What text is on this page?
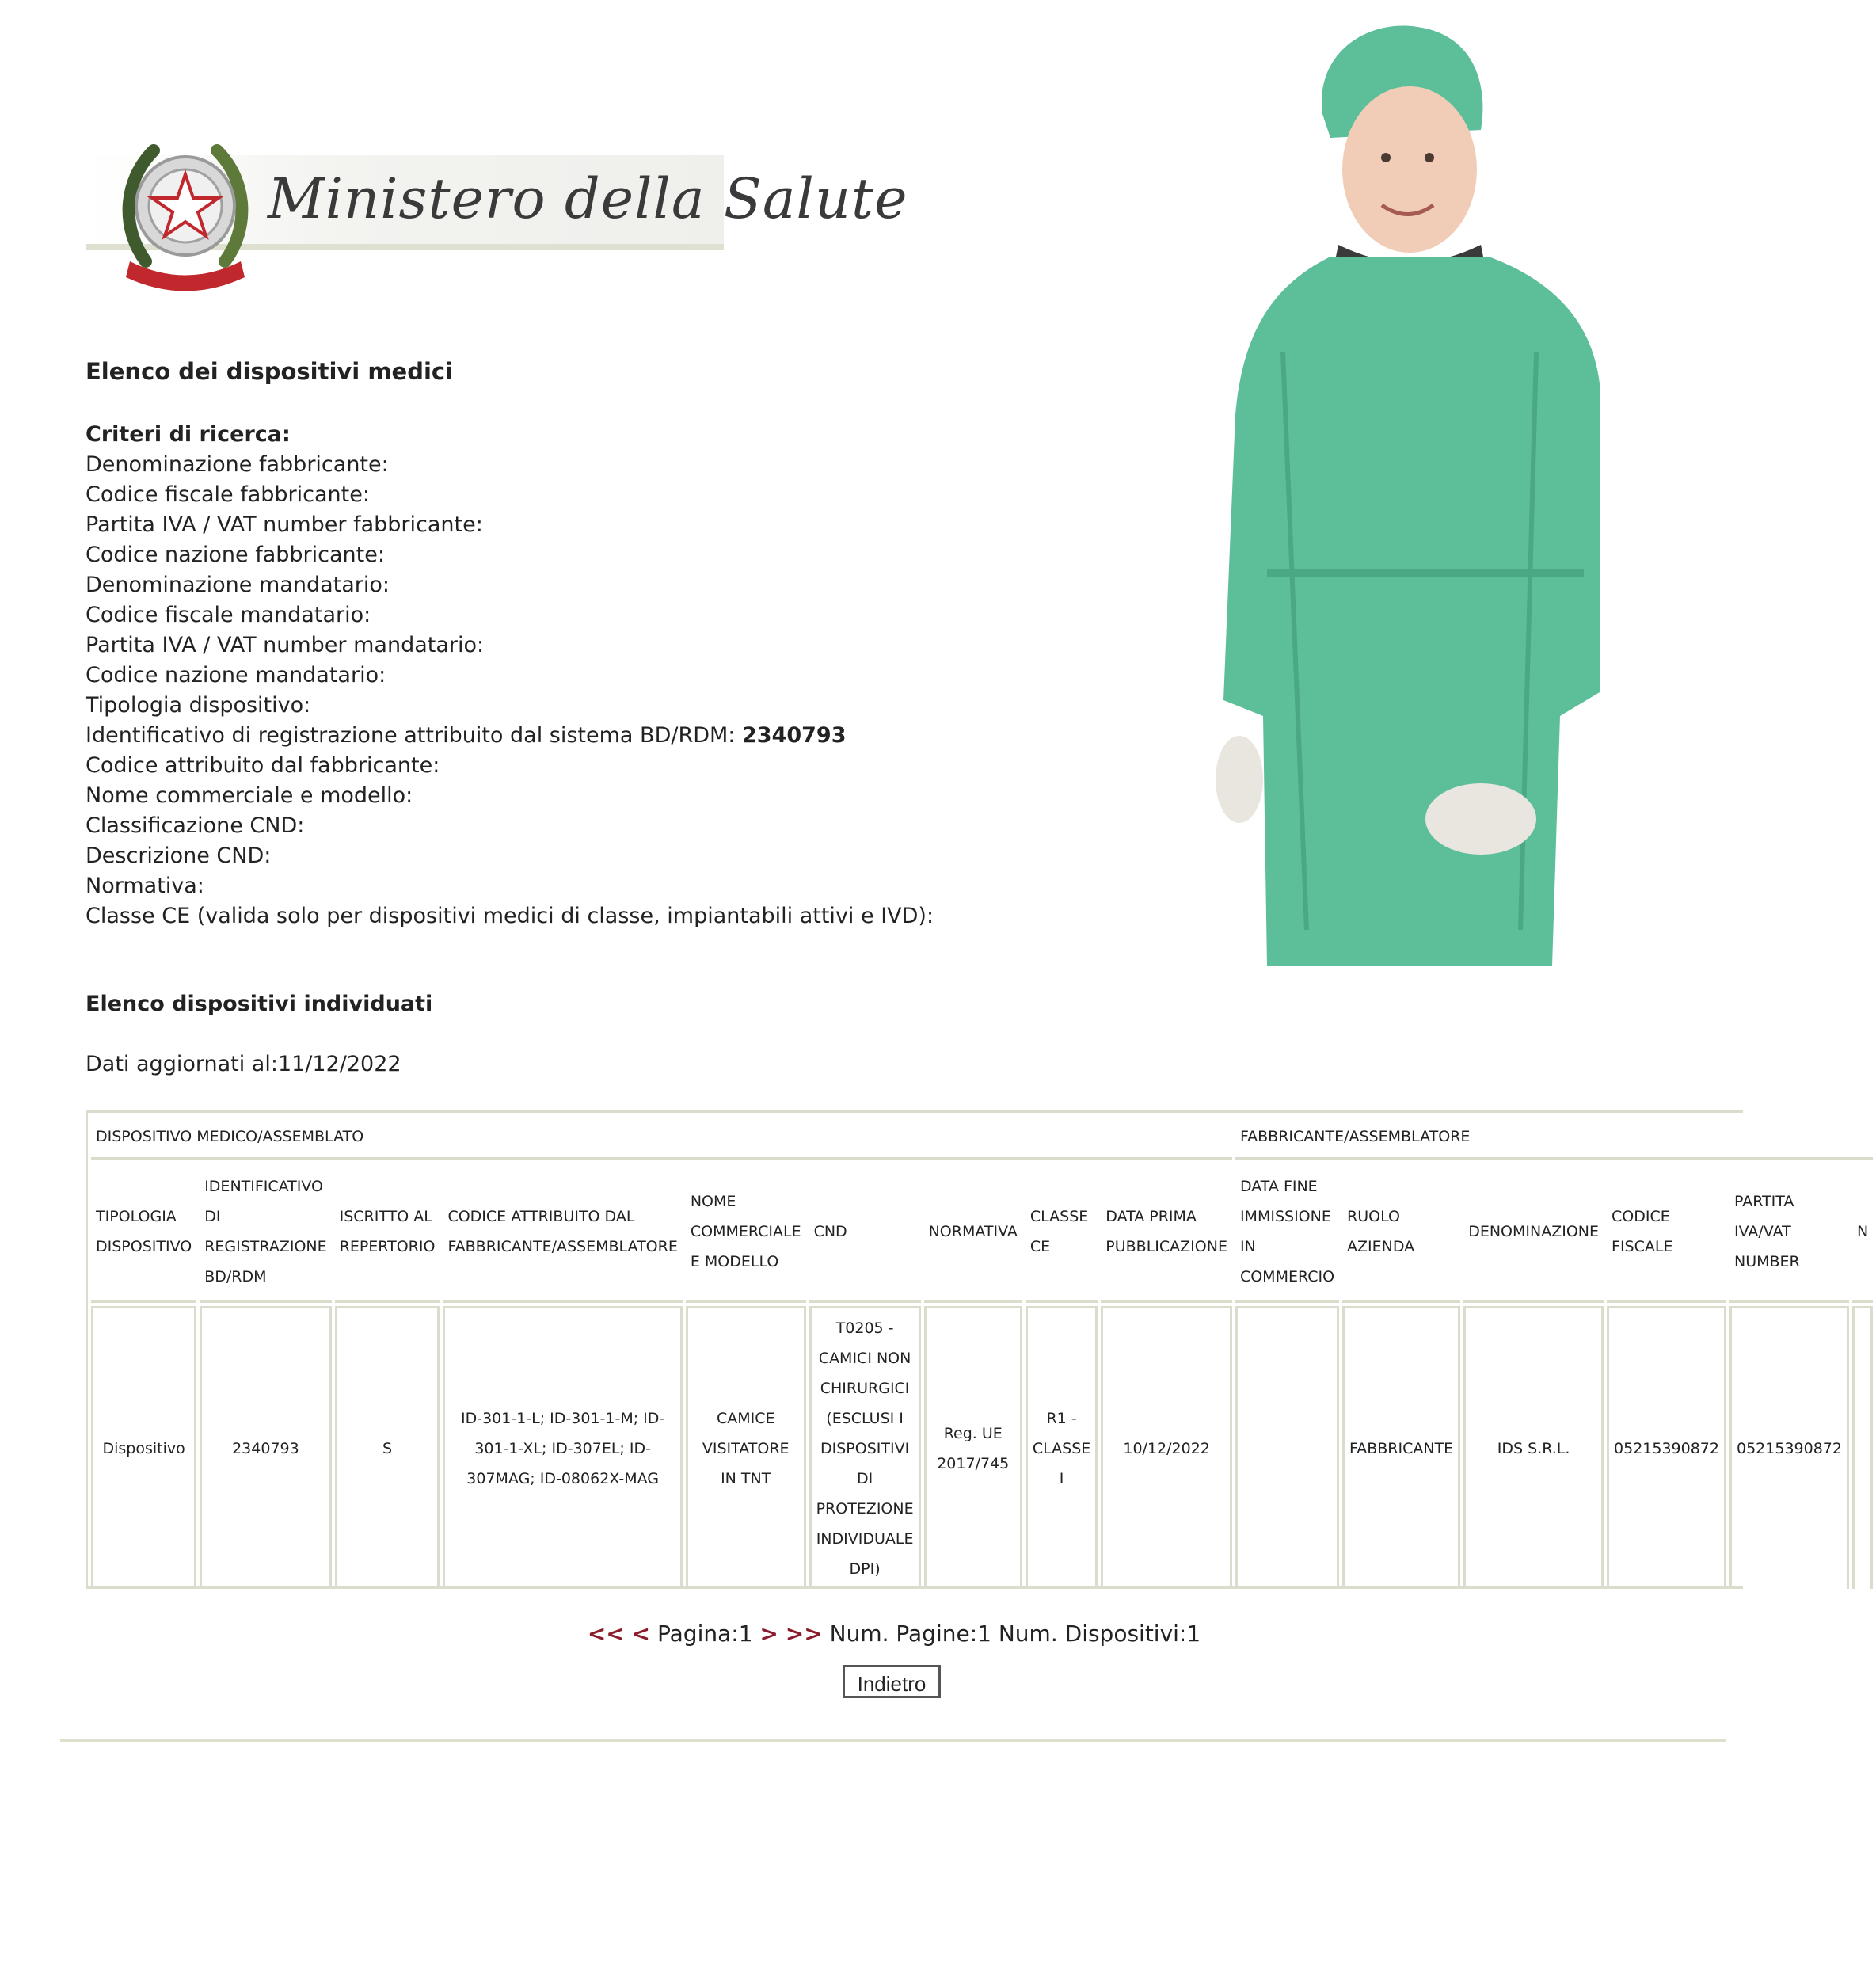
Ministero della Salute
Elenco dei dispositivi medici
Criteri di ricerca:
Denominazione fabbricante:
Codice fiscale fabbricante:
Partita IVA / VAT number fabbricante:
Codice nazione fabbricante:
Denominazione mandatario:
Codice fiscale mandatario:
Partita IVA / VAT number mandatario:
Codice nazione mandatario:
Tipologia dispositivo:
Identificativo di registrazione attribuito dal sistema BD/RDM: 2340793
Codice attribuito dal fabbricante:
Nome commerciale e modello:
Classificazione CND:
Descrizione CND:
Normativa:
Classe CE (valida solo per dispositivi medici di classe, impiantabili attivi e IVD):
Elenco dispositivi individuati
Dati aggiornati al:11/12/2022
DISPOSITIVO MEDICO/ASSEMBLATO									FABBRICANTE/ASSEMBLATORE					
TIPOLOGIA DISPOSITIVO	IDENTIFICATIVO DI REGISTRAZIONE BD/RDM	ISCRITTO AL REPERTORIO	CODICE ATTRIBUITO DAL FABBRICANTE/ASSEMBLATORE	NOME COMMERCIALE E MODELLO	CND	NORMATIVA	CLASSE CE	DATA PRIMA PUBBLICAZIONE	DATA FINE IMMISSIONE IN COMMERCIO	RUOLO AZIENDA	DENOMINAZIONE	CODICE FISCALE	PARTITA IVA/VAT NUMBER	N
Dispositivo	2340793	S	ID-301-1-L; ID-301-1-M; ID-301-1-XL; ID-307EL; ID-307MAG; ID-08062X-MAG	CAMICE VISITATORE IN TNT	T0205 - CAMICI NON CHIRURGICI (ESCLUSI I DISPOSITIVI DI PROTEZIONE INDIVIDUALE DPI)	Reg. UE 2017/745	R1 - CLASSE I	10/12/2022		FABBRICANTE	IDS S.R.L.	05215390872	05215390872	
<< < Pagina:1 > >> Num. Pagine:1 Num. Dispositivi:1
Indietro
